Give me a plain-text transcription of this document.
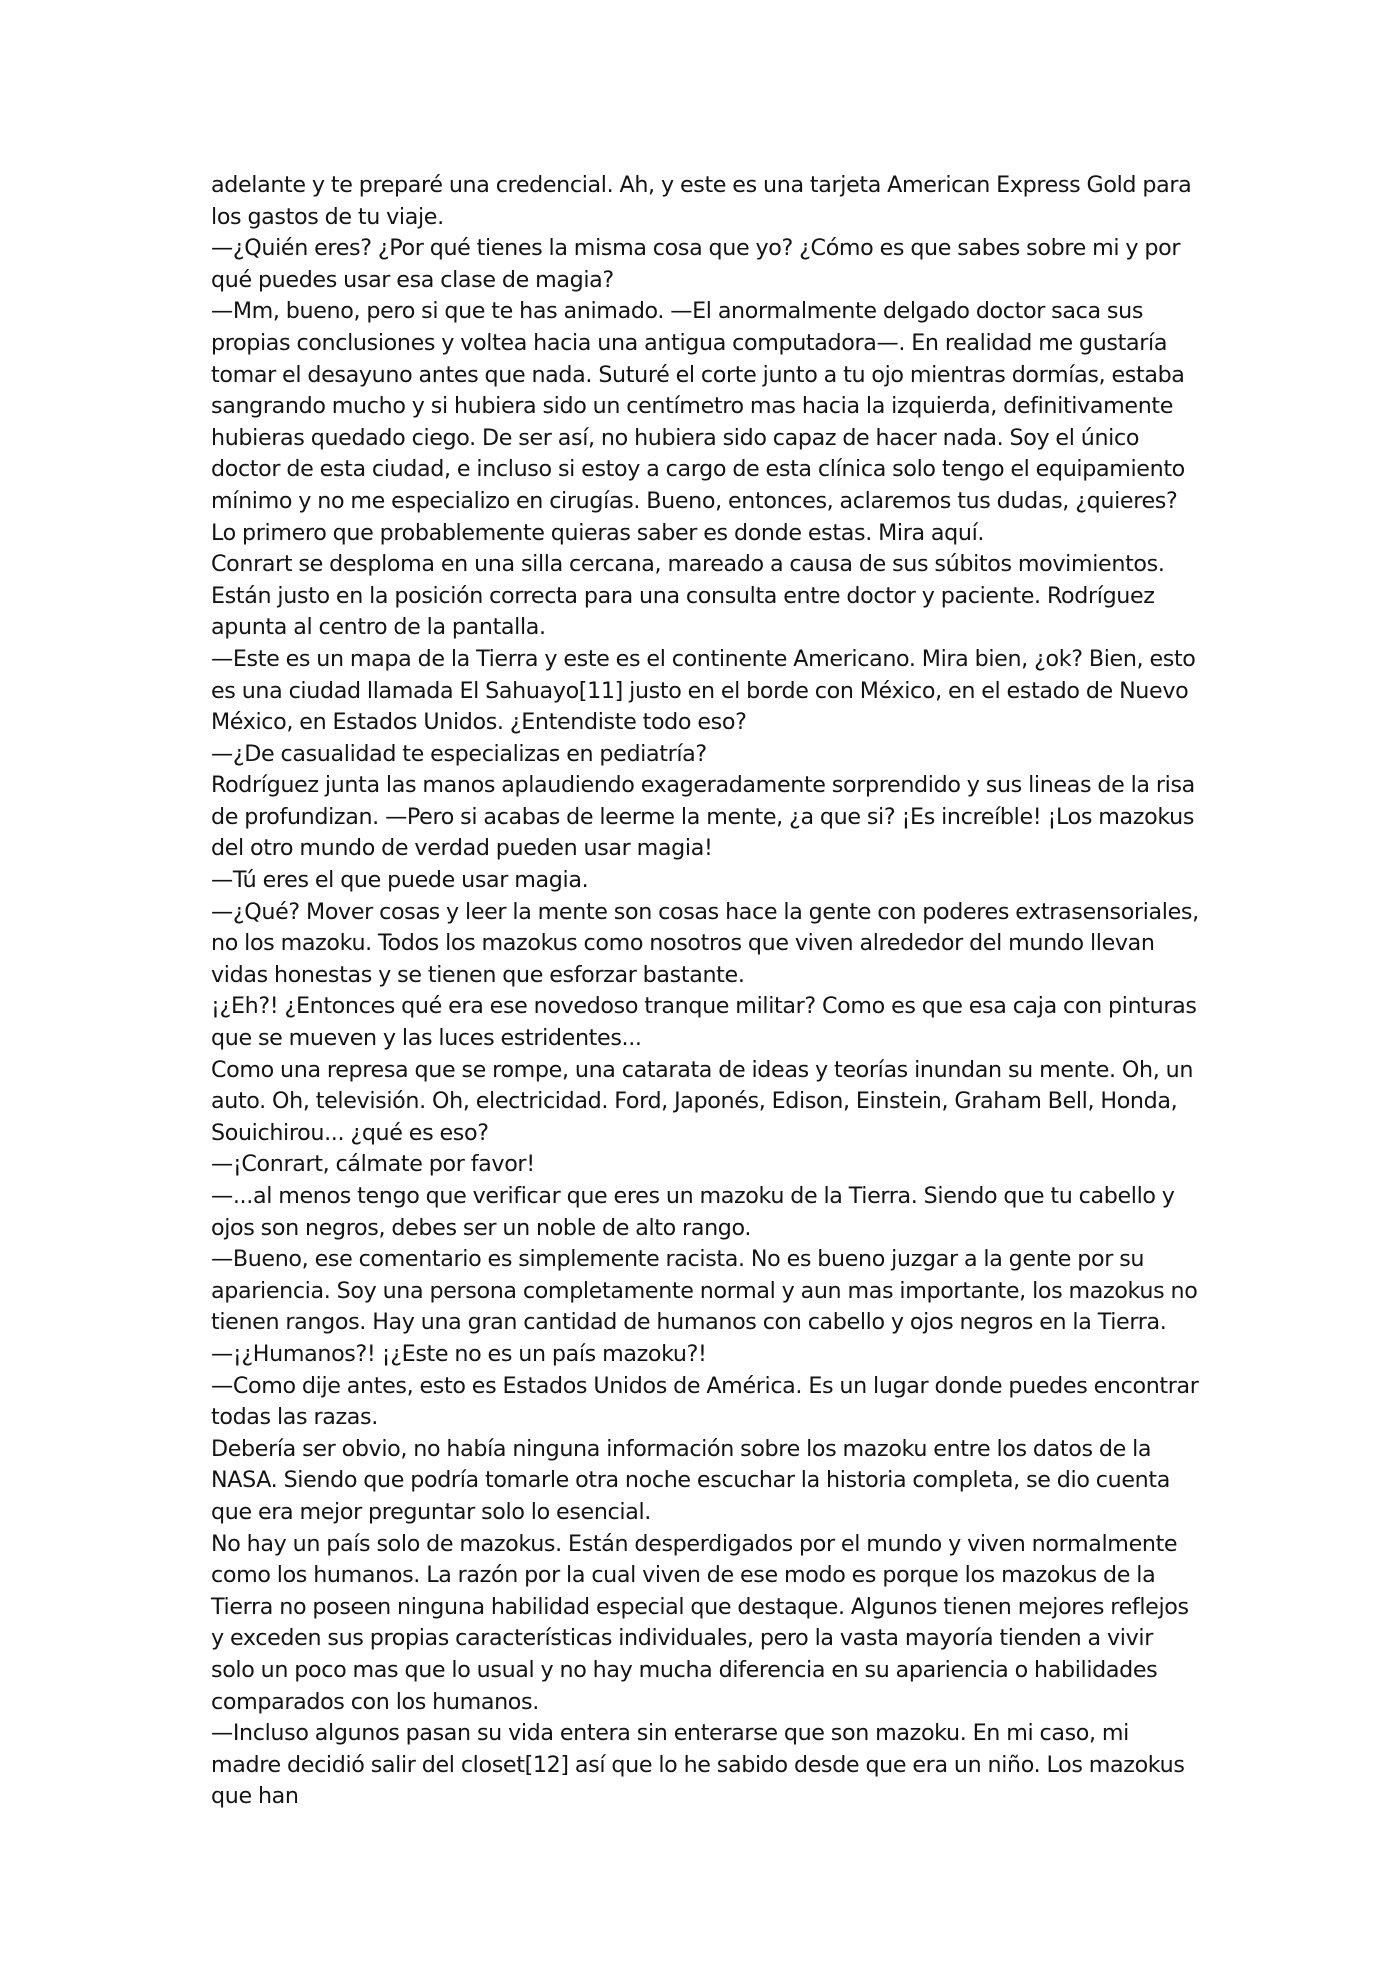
adelante y te preparé una credencial. Ah, y este es una tarjeta American Express Gold para los gastos de tu viaje.

—¿Quién eres? ¿Por qué tienes la misma cosa que yo? ¿Cómo es que sabes sobre mi y por qué puedes usar esa clase de magia?

—Mm, bueno, pero si que te has animado. —El anormalmente delgado doctor saca sus propias conclusiones y voltea hacia una antigua computadora—. En realidad me gustaría tomar el desayuno antes que nada. Suturé el corte junto a tu ojo mientras dormías, estaba sangrando mucho y si hubiera sido un centímetro mas hacia la izquierda, definitivamente hubieras quedado ciego. De ser así, no hubiera sido capaz de hacer nada. Soy el único doctor de esta ciudad, e incluso si estoy a cargo de esta clínica solo tengo el equipamiento mínimo y no me especializo en cirugías. Bueno, entonces, aclaremos tus dudas, ¿quieres? Lo primero que probablemente quieras saber es donde estas. Mira aquí.

Conrart se desploma en una silla cercana, mareado a causa de sus súbitos movimientos. Están justo en la posición correcta para una consulta entre doctor y paciente. Rodríguez apunta al centro de la pantalla.

—Este es un mapa de la Tierra y este es el continente Americano. Mira bien, ¿ok? Bien, esto es una ciudad llamada El Sahuayo[11] justo en el borde con México, en el estado de Nuevo México, en Estados Unidos. ¿Entendiste todo eso?

—¿De casualidad te especializas en pediatría?

Rodríguez junta las manos aplaudiendo exageradamente sorprendido y sus lineas de la risa de profundizan. —Pero si acabas de leerme la mente, ¿a que si? ¡Es increíble! ¡Los mazokus del otro mundo de verdad pueden usar magia!

—Tú eres el que puede usar magia.

—¿Qué? Mover cosas y leer la mente son cosas hace la gente con poderes extrasensoriales, no los mazoku. Todos los mazokus como nosotros que viven alrededor del mundo llevan vidas honestas y se tienen que esforzar bastante.

¡¿Eh?! ¿Entonces qué era ese novedoso tranque militar? Como es que esa caja con pinturas que se mueven y las luces estridentes...

Como una represa que se rompe, una catarata de ideas y teorías inundan su mente. Oh, un auto. Oh, televisión. Oh, electricidad. Ford, Japonés, Edison, Einstein, Graham Bell, Honda, Souichirou... ¿qué es eso?

—¡Conrart, cálmate por favor!

—...al menos tengo que verificar que eres un mazoku de la Tierra. Siendo que tu cabello y ojos son negros, debes ser un noble de alto rango.

—Bueno, ese comentario es simplemente racista. No es bueno juzgar a la gente por su apariencia. Soy una persona completamente normal y aun mas importante, los mazokus no tienen rangos. Hay una gran cantidad de humanos con cabello y ojos negros en la Tierra.

—¡¿Humanos?! ¡¿Este no es un país mazoku?!

—Como dije antes, esto es Estados Unidos de América. Es un lugar donde puedes encontrar todas las razas.

Debería ser obvio, no había ninguna información sobre los mazoku entre los datos de la NASA. Siendo que podría tomarle otra noche escuchar la historia completa, se dio cuenta que era mejor preguntar solo lo esencial.

No hay un país solo de mazokus. Están desperdigados por el mundo y viven normalmente como los humanos. La razón por la cual viven de ese modo es porque los mazokus de la Tierra no poseen ninguna habilidad especial que destaque. Algunos tienen mejores reflejos y exceden sus propias características individuales, pero la vasta mayoría tienden a vivir solo un poco mas que lo usual y no hay mucha diferencia en su apariencia o habilidades comparados con los humanos.

—Incluso algunos pasan su vida entera sin enterarse que son mazoku. En mi caso, mi madre decidió salir del closet[12] así que lo he sabido desde que era un niño. Los mazokus que han
